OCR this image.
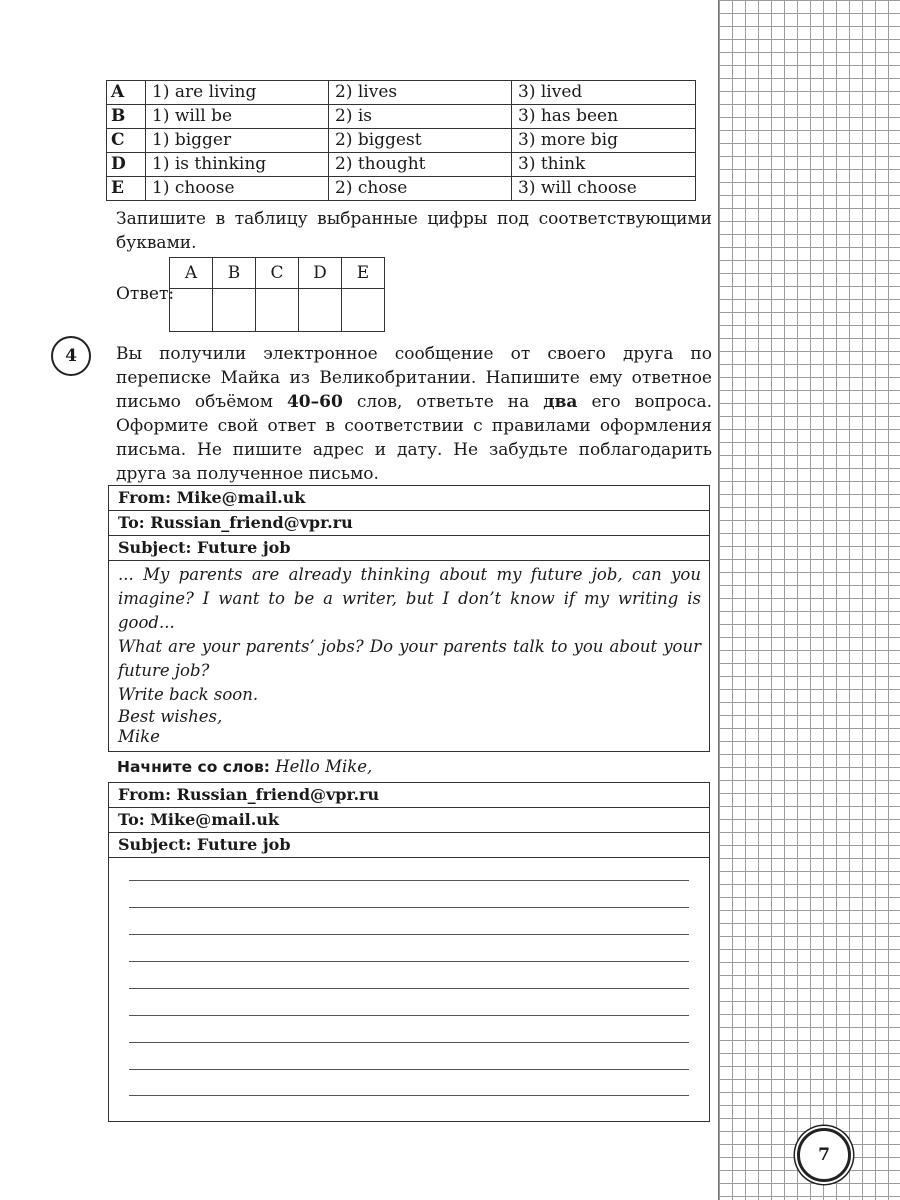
A	1) are living	2) lives	3) lived
B	1) will be	2) is	3) has been
C	1) bigger	2) biggest	3) more big
D	1) is thinking	2) thought	3) think
E	1) choose	2) chose	3) will choose
Запишите в таблицу выбранные цифры под соответствующими буквами.
Ответ:
A	B	C	D	E

4	Вы получили электронное сообщение от своего друга по переписке Майка из Великобритании. Напишите ему ответное письмо объёмом 40–60 слов, ответьте на два его вопроса. Оформите свой ответ в соответствии с правилами оформления письма. Не пишите адрес и дату. Не забудьте поблагодарить друга за полученное письмо.
From: Mike@mail.uk
To: Russian_friend@vpr.ru
Subject: Future job

... My parents are already thinking about my future job, can you imagine? I want to be a writer, but I don’t know if my writing is good...

What are your parents’ jobs? Do your parents talk to you about your future job?

Write back soon.

Best wishes,

Mike

Начните со слов: Hello Mike,
From: Russian_friend@vpr.ru
To: Mike@mail.uk
Subject: Future job
7
